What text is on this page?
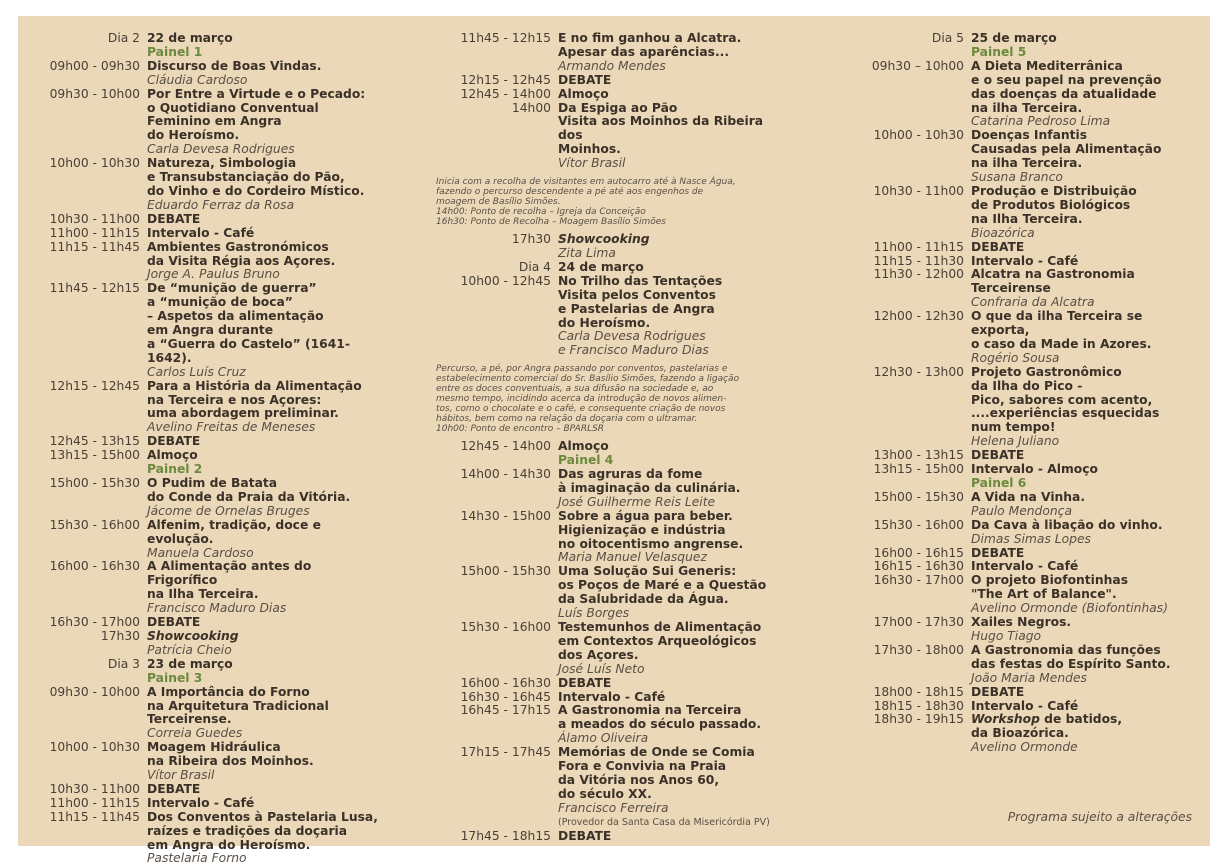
Dia 2 22 de março
Painel 1
09h00 - 09h30 Discurso de Boas Vindas.
Cláudia Cardoso
09h30 - 10h00 Por Entre a Virtude e o Pecado:
o Quotidiano Conventual
Feminino em Angra
do Heroísmo.
Carla Devesa Rodrigues
10h00 - 10h30 Natureza, Simbologia
e Transubstanciação do Pão,
do Vinho e do Cordeiro Místico.
Eduardo Ferraz da Rosa
10h30 - 11h00 DEBATE
11h00 - 11h15 Intervalo - Café
11h15 - 11h45 Ambientes Gastronómicos
da Visita Régia aos Açores.
Jorge A. Paulus Bruno
11h45 - 12h15 De “munição de guerra”
a “munição de boca”
– Aspetos da alimentação
em Angra durante
a “Guerra do Castelo” (1641-1642).
Carlos Luís Cruz
12h15 - 12h45 Para a História da Alimentação
na Terceira e nos Açores:
uma abordagem preliminar.
Avelino Freitas de Meneses
12h45 - 13h15 DEBATE
13h15 - 15h00 Almoço
Painel 2
15h00 - 15h30 O Pudim de Batata
do Conde da Praia da Vitória.
Jácome de Ornelas Bruges
15h30 - 16h00 Alfenim, tradição, doce e evolução.
Manuela Cardoso
16h00 - 16h30 A Alimentação antes do Frigorífico
na Ilha Terceira.
Francisco Maduro Dias
16h30 - 17h00 DEBATE
17h30 Showcooking
Patrícia Cheio
Dia 3 23 de março
Painel 3
09h30 - 10h00 A Importância do Forno
na Arquitetura Tradicional
Terceirense.
Correia Guedes
10h00 - 10h30 Moagem Hidráulica
na Ribeira dos Moinhos.
Vítor Brasil
10h30 - 11h00 DEBATE
11h00 - 11h15 Intervalo - Café
11h15 - 11h45 Dos Conventos à Pastelaria Lusa,
raízes e tradições da doçaria
em Angra do Heroísmo.
Pastelaria Forno
11h45 - 12h15 E no fim ganhou a Alcatra.
Apesar das aparências...
Armando Mendes
12h15 - 12h45 DEBATE
12h45 - 14h00 Almoço
14h00 Da Espiga ao Pão
Visita aos Moinhos da Ribeira dos
Moinhos.
Vítor Brasil
Inicia com a recolha de visitantes em autocarro até à Nasce Água,
fazendo o percurso descendente a pé até aos engenhos de
moagem de Basílio Simões.
14h00: Ponto de recolha – Igreja da Conceição
16h30: Ponto de Recolha – Moagem Basílio Simões
17h30 Showcooking
Zita Lima
Dia 4 24 de março
10h00 - 12h45 No Trilho das Tentações
Visita pelos Conventos
e Pastelarias de Angra
do Heroísmo.
Carla Devesa Rodrigues
e Francisco Maduro Dias
Percurso, a pé, por Angra passando por conventos, pastelarias e
estabelecimento comercial do Sr. Basílio Simões, fazendo a ligação
entre os doces conventuais, a sua difusão na sociedade e, ao
mesmo tempo, incidindo acerca da introdução de novos alimen-
tos, como o chocolate e o café, e consequente criação de novos
hábitos, bem como na relação da doçaria com o ultramar.
10h00: Ponto de encontro – BPARLSR
12h45 - 14h00 Almoço
Painel 4
14h00 - 14h30 Das agruras da fome
à imaginação da culinária.
José Guilherme Reis Leite
14h30 - 15h00 Sobre a água para beber.
Higienização e indústria
no oitocentismo angrense.
Maria Manuel Velasquez
15h00 - 15h30 Uma Solução Sui Generis:
os Poços de Maré e a Questão
da Salubridade da Água.
Luís Borges
15h30 - 16h00 Testemunhos de Alimentação
em Contextos Arqueológicos
dos Açores.
José Luís Neto
16h00 - 16h30 DEBATE
16h30 - 16h45 Intervalo - Café
16h45 - 17h15 A Gastronomia na Terceira
a meados do século passado.
Álamo Oliveira
17h15 - 17h45 Memórias de Onde se Comia
Fora e Convivia na Praia
da Vitória nos Anos 60,
do século XX.
Francisco Ferreira
(Provedor da Santa Casa da Misericórdia PV)
17h45 - 18h15 DEBATE
Dia 5 25 de março
Painel 5
09h30 – 10h00 A Dieta Mediterrânica
e o seu papel na prevenção
das doenças da atualidade
na ilha Terceira.
Catarina Pedroso Lima
10h00 - 10h30 Doenças Infantis
Causadas pela Alimentação
na ilha Terceira.
Susana Branco
10h30 - 11h00 Produção e Distribuição
de Produtos Biológicos
na Ilha Terceira.
Bioazórica
11h00 - 11h15 DEBATE
11h15 - 11h30 Intervalo - Café
11h30 - 12h00 Alcatra na Gastronomia
Terceirense
Confraria da Alcatra
12h00 - 12h30 O que da ilha Terceira se exporta,
o caso da Made in Azores.
Rogério Sousa
12h30 - 13h00 Projeto Gastronômico
da Ilha do Pico -
Pico, sabores com acento,
....experiências esquecidas
num tempo!
Helena Juliano
13h00 - 13h15 DEBATE
13h15 - 15h00 Intervalo - Almoço
Painel 6
15h00 - 15h30 A Vida na Vinha.
Paulo Mendonça
15h30 - 16h00 Da Cava à libação do vinho.
Dimas Simas Lopes
16h00 - 16h15 DEBATE
16h15 - 16h30 Intervalo - Café
16h30 - 17h00 O projeto Biofontinhas
"The Art of Balance".
Avelino Ormonde (Biofontinhas)
17h00 - 17h30 Xailes Negros.
Hugo Tiago
17h30 - 18h00 A Gastronomia das funções
das festas do Espírito Santo.
João Maria Mendes
18h00 - 18h15 DEBATE
18h15 - 18h30 Intervalo - Café
18h30 - 19h15 Workshop de batidos,
da Bioazórica.
Avelino Ormonde
Programa sujeito a alterações
